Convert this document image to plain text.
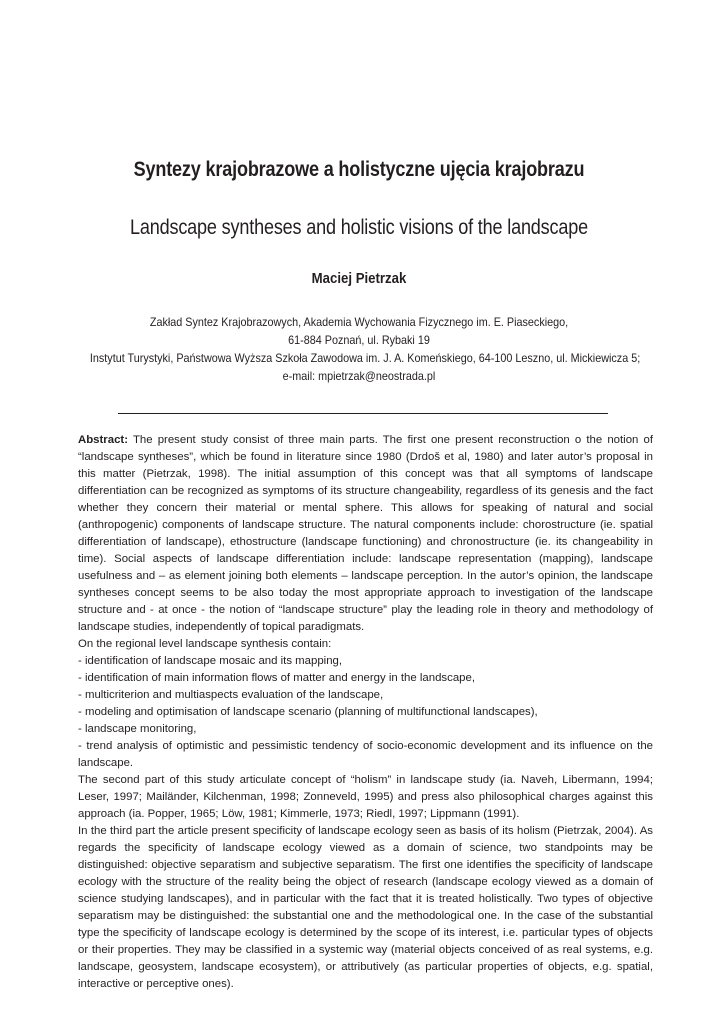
Syntezy krajobrazowe a holistyczne ujęcia krajobrazu
Landscape syntheses and holistic visions of the landscape
Maciej Pietrzak
Zakład Syntez Krajobrazowych, Akademia Wychowania Fizycznego im. E. Piaseckiego,
61-884 Poznań, ul. Rybaki 19
Instytut Turystyki, Państwowa Wyższa Szkoła Zawodowa im. J. A. Komeńskiego, 64-100 Leszno, ul. Mickiewicza 5;
e-mail: mpietrzak@neostrada.pl

Abstract: The present study consist of three main parts. The first one present reconstruction o the notion of “landscape syntheses”, which be found in literature since 1980 (Drdoš et al, 1980) and later autor’s proposal in this matter (Pietrzak, 1998). The initial assumption of this concept was that all symptoms of landscape differentiation can be recognized as symptoms of its structure changeability, regardless of its genesis and the fact whether they concern their material or mental sphere. This allows for speaking of natural and social (anthropogenic) components of landscape structure. The natural components include: chorostructure (ie. spatial differentiation of landscape), ethostructure (landscape functioning) and chronostructure (ie. its changeability in time). Social aspects of landscape differentiation include: landscape representation (mapping), landscape usefulness and – as element joining both elements – landscape perception. In the autor’s opinion, the landscape syntheses concept seems to be also today the most appropriate approach to investigation of the landscape structure and - at once - the notion of “landscape structure” play the leading role in theory and methodology of landscape studies, independently of topical paradigmats.

On the regional level landscape synthesis contain:

- identification of landscape mosaic and its mapping,

- identification of main information flows of matter and energy in the landscape,

- multicriterion and multiaspects evaluation of the landscape,

- modeling and optimisation of landscape scenario (planning of multifunctional landscapes),

- landscape monitoring,

- trend analysis of optimistic and pessimistic tendency of socio-economic development and its influence on the landscape.

The second part of this study articulate concept of “holism” in landscape study (ia. Naveh, Libermann, 1994; Leser, 1997; Mailänder, Kilchenman, 1998; Zonneveld, 1995) and press also philosophical charges against this approach (ia. Popper, 1965; Löw, 1981; Kimmerle, 1973; Riedl, 1997; Lippmann (1991).

In the third part the article present specificity of landscape ecology seen as basis of its holism (Pietrzak, 2004). As regards the specificity of landscape ecology viewed as a domain of science, two standpoints may be distinguished: objective separatism and subjective separatism. The first one identifies the specificity of landscape ecology with the structure of the reality being the object of research (landscape ecology viewed as a domain of science studying landscapes), and in particular with the fact that it is treated holistically. Two types of objective separatism may be distinguished: the substantial one and the methodological one. In the case of the substantial type the specificity of landscape ecology is determined by the scope of its interest, i.e. particular types of objects or their properties. They may be classified in a systemic way (material objects conceived of as real systems, e.g. landscape, geosystem, landscape ecosystem), or attributively (as particular properties of objects, e.g. spatial, interactive or perceptive ones).
